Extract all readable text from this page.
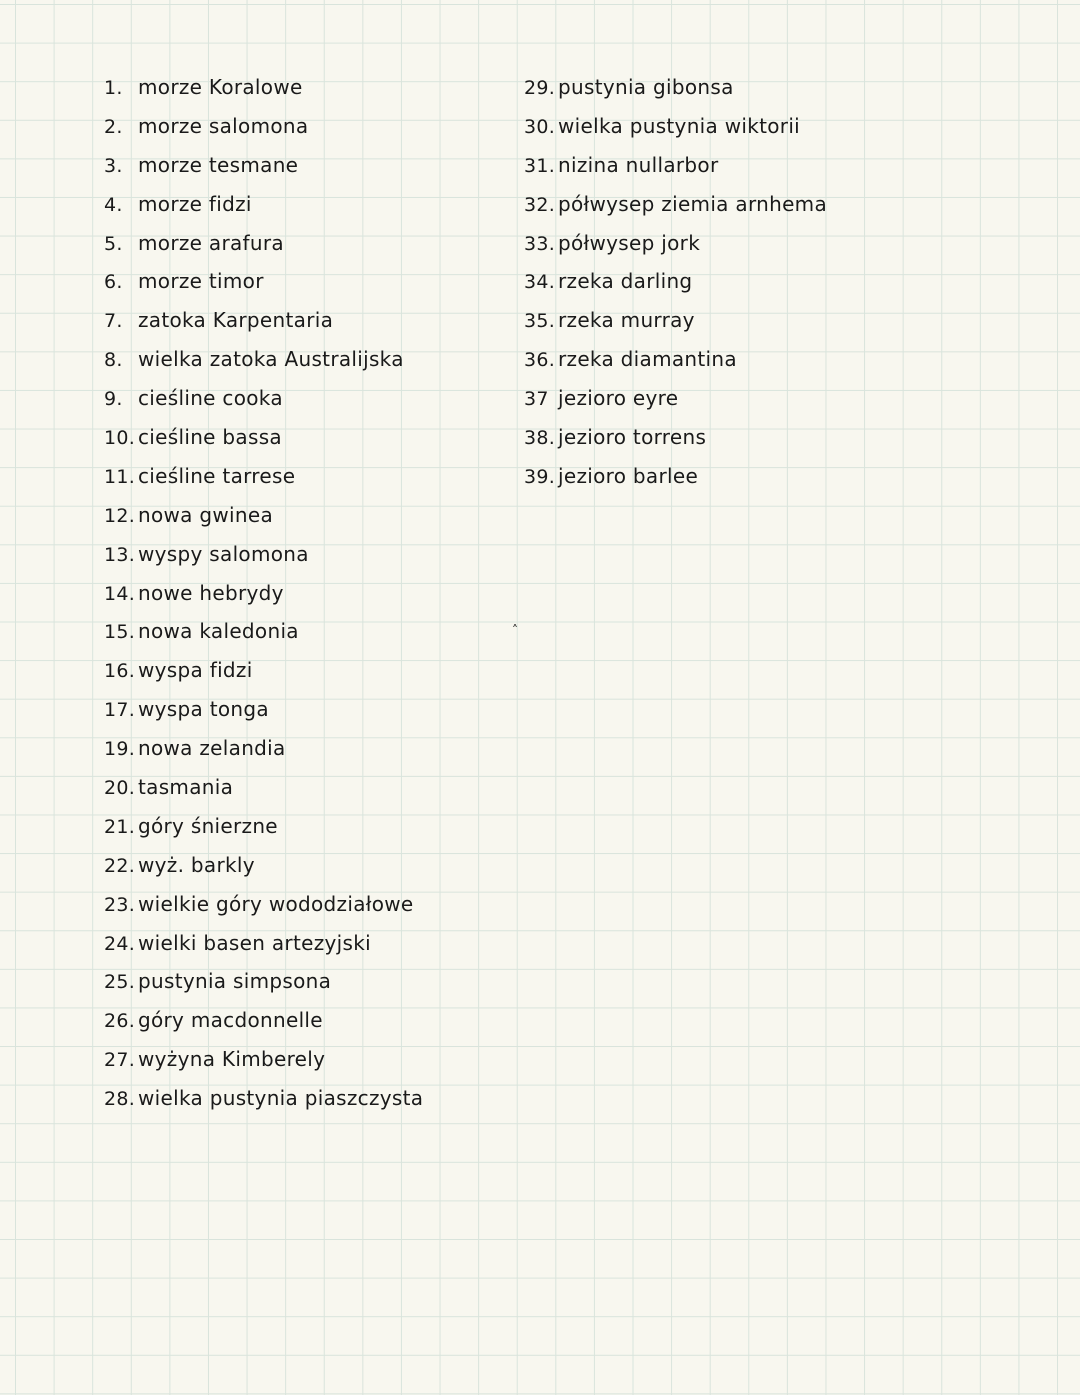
1. morze Koralowe
2. morze salomona
3. morze tesmane
4. morze fidzi
5. morze arafura
6. morze timor
7. zatoka Karpentaria
8. wielka zatoka Australijska
9. cieśline cooka
10. cieśline bassa
11. cieśline tarrese
12. nowa gwinea
13. wyspy salomona
14. nowe hebrydy
15. nowa kaledonia
16. wyspa fidzi
17. wyspa tonga
19. nowa zelandia
20. tasmania
21. góry śnierzne
22. wyż. barkly
23. wielkie góry wododziałowe
24. wielki basen artezyjski
25. pustynia simpsona
26. góry macdonnelle
27. wyżyna Kimberely
28. wielka pustynia piaszczysta
29. pustynia gibonsa
30. wielka pustynia wiktorii
31. nizina nullarbor
32. półwysep ziemia arnhema
33. półwysep jork
34. rzeka darling
35. rzeka murray
36. rzeka diamantina
37 jezioro eyre
38. jezioro torrens
39. jezioro barlee
˄
